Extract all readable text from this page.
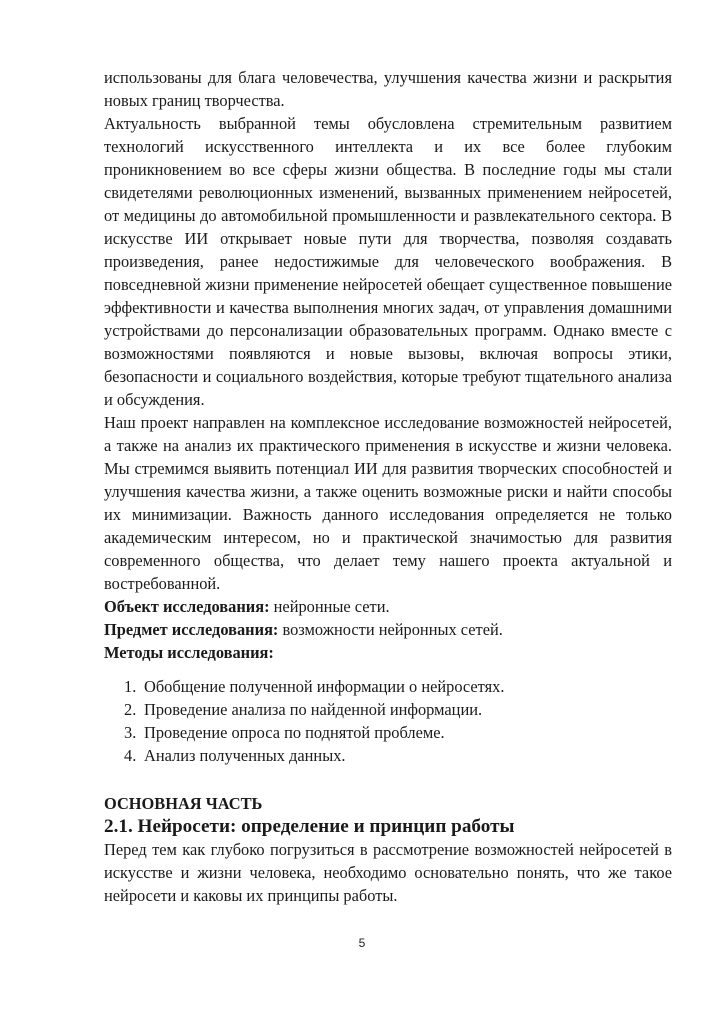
использованы для блага человечества, улучшения качества жизни и раскрытия новых границ творчества.

Актуальность выбранной темы обусловлена стремительным развитием технологий искусственного интеллекта и их все более глубоким проникновением во все сферы жизни общества. В последние годы мы стали свидетелями революционных изменений, вызванных применением нейросетей, от медицины до автомобильной промышленности и развлекательного сектора. В искусстве ИИ открывает новые пути для творчества, позволяя создавать произведения, ранее недостижимые для человеческого воображения. В повседневной жизни применение нейросетей обещает существенное повышение эффективности и качества выполнения многих задач, от управления домашними устройствами до персонализации образовательных программ. Однако вместе с возможностями появляются и новые вызовы, включая вопросы этики, безопасности и социального воздействия, которые требуют тщательного анализа и обсуждения.

Наш проект направлен на комплексное исследование возможностей нейросетей, а также на анализ их практического применения в искусстве и жизни человека. Мы стремимся выявить потенциал ИИ для развития творческих способностей и улучшения качества жизни, а также оценить возможные риски и найти способы их минимизации. Важность данного исследования определяется не только академическим интересом, но и практической значимостью для развития современного общества, что делает тему нашего проекта актуальной и востребованной.

Объект исследования: нейронные сети.

Предмет исследования: возможности нейронных сетей.

Методы исследования:

1. Обобщение полученной информации о нейросетях.
2. Проведение анализа по найденной информации.
3. Проведение опроса по поднятой проблеме.
4. Анализ полученных данных.
ОСНОВНАЯ ЧАСТЬ
2.1. Нейросети: определение и принцип работы

Перед тем как глубоко погрузиться в рассмотрение возможностей нейросетей в искусстве и жизни человека, необходимо основательно понять, что же такое нейросети и каковы их принципы работы.

5
